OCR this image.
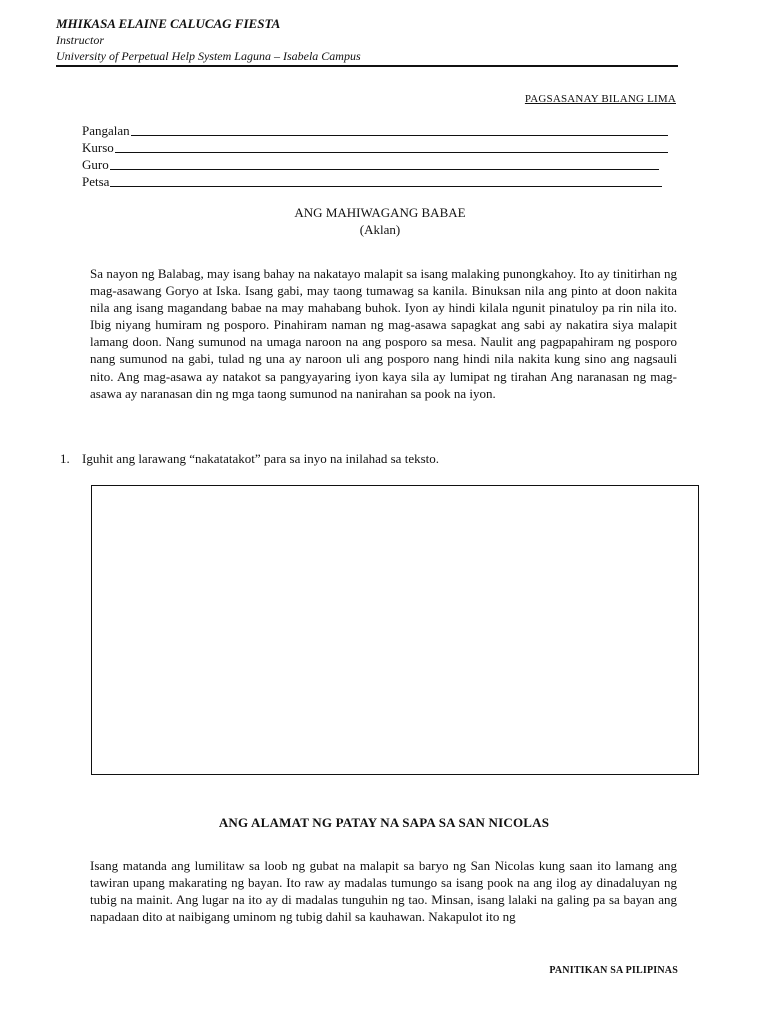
MHIKASA ELAINE CALUCAG FIESTA
Instructor
University of Perpetual Help System Laguna – Isabela Campus
PAGSASANAY BILANG LIMA
Pangalan
Kurso
Guro
Petsa
ANG MAHIWAGANG BABAE
(Aklan)
Sa nayon ng Balabag, may isang bahay na nakatayo malapit sa isang malaking punongkahoy. Ito ay tinitirhan ng mag-asawang Goryo at Iska. Isang gabi, may taong tumawag sa kanila. Binuksan nila ang pinto at doon nakita nila ang isang magandang babae na may mahabang buhok. Iyon ay hindi kilala ngunit pinatuloy pa rin nila ito. Ibig niyang humiram ng posporo. Pinahiram naman ng mag-asawa sapagkat ang sabi ay nakatira siya malapit lamang doon. Nang sumunod na umaga naroon na ang posporo sa mesa. Naulit ang pagpapahiram ng posporo nang sumunod na gabi, tulad ng una ay naroon uli ang posporo nang hindi nila nakita kung sino ang nagsauli nito. Ang mag-asawa ay natakot sa pangyayaring iyon kaya sila ay lumipat ng tirahan Ang naranasan ng mag-asawa ay naranasan din ng mga taong sumunod na nanirahan sa pook na iyon.
1. Iguhit ang larawang “nakatatakot” para sa inyo na inilahad sa teksto.
ANG ALAMAT NG PATAY NA SAPA SA SAN NICOLAS
Isang matanda ang lumilitaw sa loob ng gubat na malapit sa baryo ng San Nicolas kung saan ito lamang ang tawiran upang makarating ng bayan. Ito raw ay madalas tumungo sa isang pook na ang ilog ay dinadaluyan ng tubig na mainit. Ang lugar na ito ay di madalas tunguhin ng tao. Minsan, isang lalaki na galing pa sa bayan ang napadaan dito at naibigang uminom ng tubig dahil sa kauhawan. Nakapulot ito ng
PANITIKAN SA PILIPINAS
